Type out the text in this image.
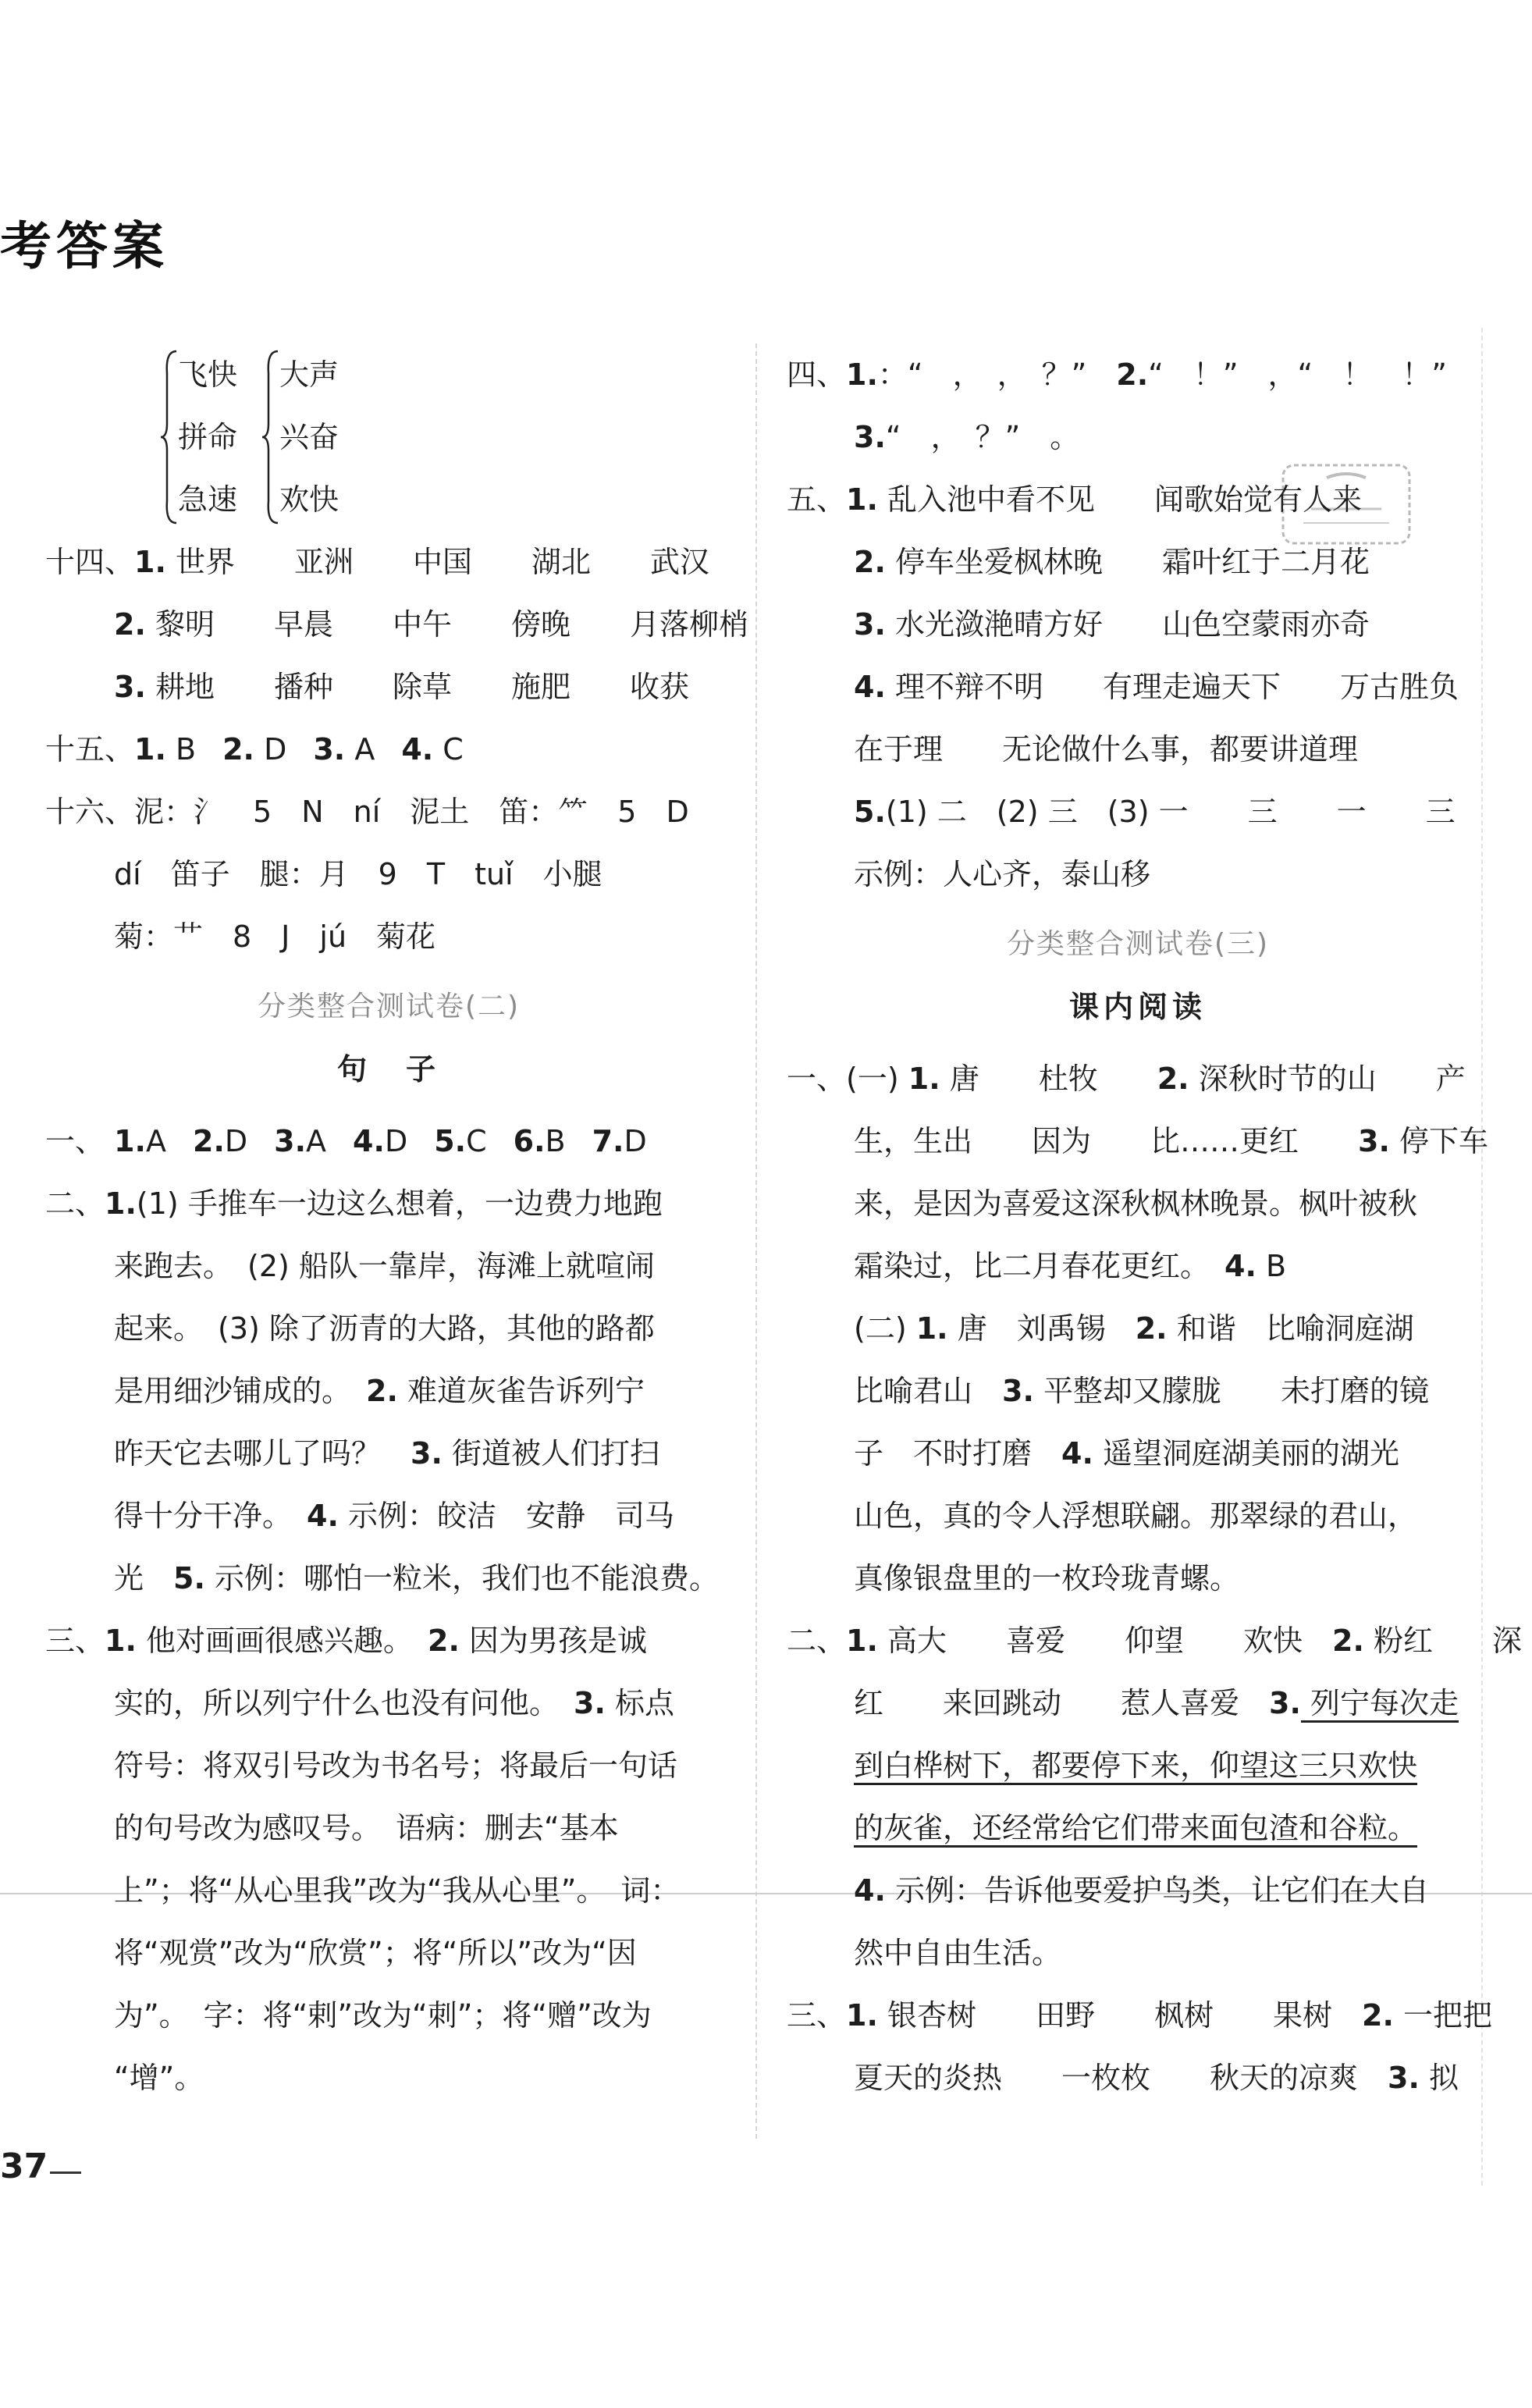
考答案
飞快
拼命
急速
大声
兴奋
欢快
十四、1. 世界　　亚洲　　中国　　湖北　　武汉
2. 黎明　　早晨　　中午　　傍晚　　月落柳梢
3. 耕地　　播种　　除草　　施肥　　收获
十五、1. B 2. D 3. A 4. C
十六、泥：氵　5　N　ní　泥土　笛：⺮　5　D
dí　笛子　腿：月　9　T　tuǐ　小腿
菊：艹　8　J　jú　菊花
分类整合测试卷(二)
句　子
一、 1.A 2.D 3.A 4.D 5.C 6.B 7.D
二、1.(1) 手推车一边这么想着，一边费力地跑
来跑去。　(2) 船队一靠岸，海滩上就喧闹
起来。　(3) 除了沥青的大路，其他的路都
是用细沙铺成的。　2. 难道灰雀告诉列宁
昨天它去哪儿了吗？　3. 街道被人们打扫
得十分干净。　4. 示例：皎洁　安静　司马
光　5. 示例：哪怕一粒米，我们也不能浪费。
三、1. 他对画画很感兴趣。　2. 因为男孩是诚
实的，所以列宁什么也没有问他。　3. 标点
符号：将双引号改为书名号；将最后一句话
的句号改为感叹号。　语病：删去“基本
上”；将“从心里我”改为“我从心里”。　词：
将“观赏”改为“欣赏”；将“所以”改为“因
为”。　字：将“剌”改为“刺”；将“赠”改为
“增”。
四、1.：“　，　，　？”　2.“　！”　，“　！　！”
3.“　，　？”　。
五、1. 乱入池中看不见　　闻歌始觉有人来
2. 停车坐爱枫林晚　　霜叶红于二月花
3. 水光潋滟晴方好　　山色空蒙雨亦奇
4. 理不辩不明　　有理走遍天下　　万古胜负
在于理　　无论做什么事，都要讲道理
5.(1) 二　(2) 三　(3) 一　　三　　一　　三
示例：人心齐，泰山移
分类整合测试卷(三)
课内阅读
一、(一) 1. 唐　　杜牧　　2. 深秋时节的山　　产
生，生出　　因为　　比……更红　　3. 停下车
来，是因为喜爱这深秋枫林晚景。枫叶被秋
霜染过，比二月春花更红。　4. B
(二) 1. 唐　刘禹锡　2. 和谐　比喻洞庭湖
比喻君山　3. 平整却又朦胧　　未打磨的镜
子　不时打磨　4. 遥望洞庭湖美丽的湖光
山色，真的令人浮想联翩。那翠绿的君山，
真像银盘里的一枚玲珑青螺。
二、1. 高大　　喜爱　　仰望　　欢快　2. 粉红　　深
红　　来回跳动　　惹人喜爱　3. 列宁每次走
到白桦树下，都要停下来，仰望这三只欢快
的灰雀，还经常给它们带来面包渣和谷粒。
4. 示例：告诉他要爱护鸟类，让它们在大自
然中自由生活。
三、1. 银杏树　　田野　　枫树　　果树　2. 一把把
夏天的炎热　　一枚枚　　秋天的凉爽　3. 拟
37
